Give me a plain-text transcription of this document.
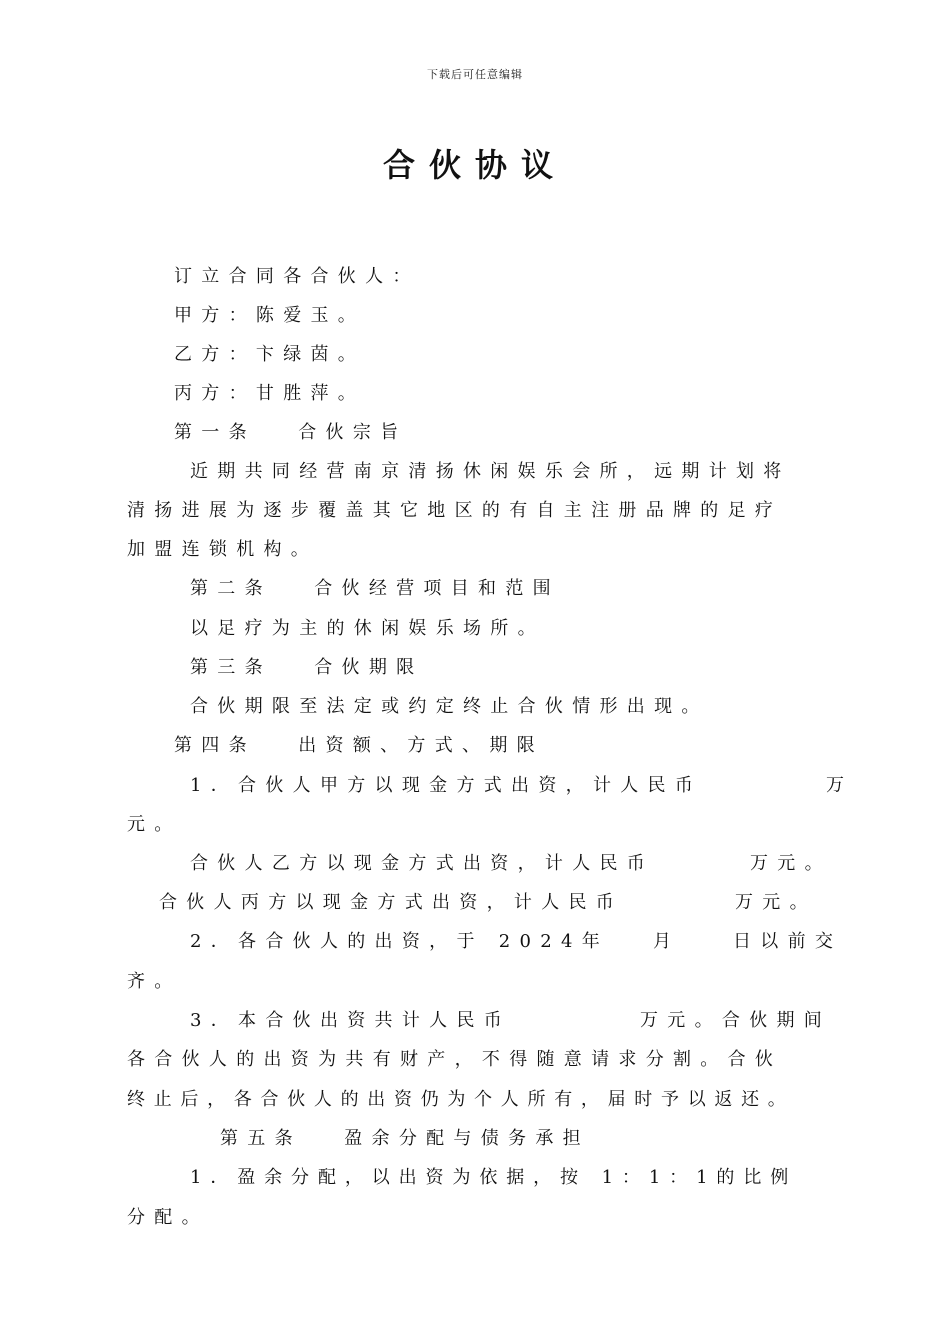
下载后可任意编辑
合伙协议
订立合同各合伙人：
甲方：陈爱玉。
乙方：卞绿茵。
丙方：甘胜萍。
第一条　 合伙宗旨
近期共同经营南京清扬休闲娱乐会所，远期计划将
清扬进展为逐步覆盖其它地区的有自主注册品牌的足疗
加盟连锁机构。
第二条　 合伙经营项目和范围
以足疗为主的休闲娱乐场所。
第三条　 合伙期限
合伙期限至法定或约定终止合伙情形出现。
第四条　 出资额、方式、期限
1．合伙人甲方以现金方式出资，计人民币	万
元。
合伙人乙方以现金方式出资，计人民币	万元。
合伙人丙方以现金方式出资，计人民币	万元。
2．各合伙人的出资，于 2024年 月	日以前交
齐。
3．本合伙出资共计人民币	万元。合伙期间
各合伙人的出资为共有财产，不得随意请求分割。合伙
终止后，各合伙人的出资仍为个人所有，届时予以返还。
第五条　 盈余分配与债务承担
1．盈余分配，以出资为依据，按 1：1：1的比例
分配。
